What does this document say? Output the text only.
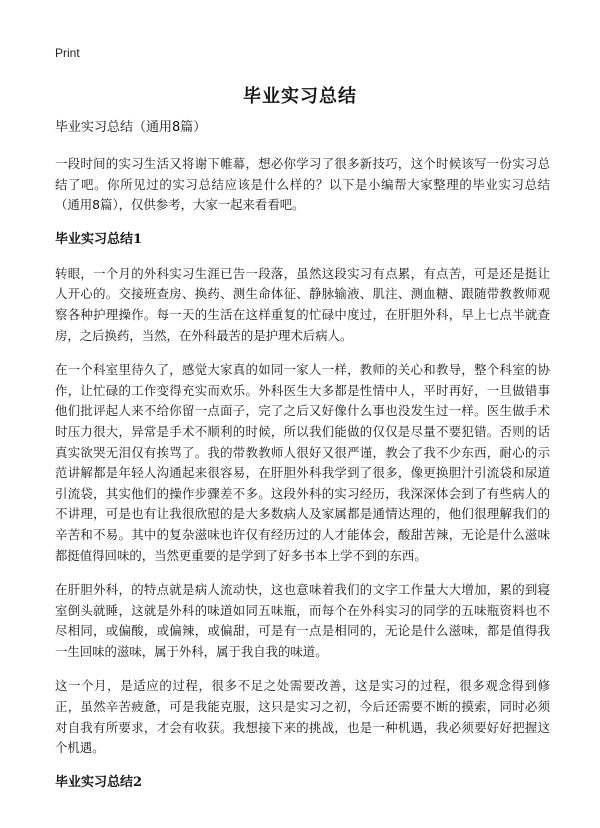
Print
毕业实习总结
毕业实习总结（通用8篇）

一段时间的实习生活又将谢下帷幕，想必你学习了很多新技巧，这个时候该写一份实习总结了吧。你所见过的实习总结应该是什么样的？以下是小编帮大家整理的毕业实习总结（通用8篇），仅供参考，大家一起来看看吧。

毕业实习总结1

转眼，一个月的外科实习生涯已告一段落，虽然这段实习有点累，有点苦，可是还是挺让人开心的。交接班查房、换药、测生命体征、静脉输液、肌注、测血糖、跟随带教教师观察各种护理操作。每一天的生活在这样重复的忙碌中度过，在肝胆外科，早上七点半就查房，之后换药，当然，在外科最苦的是护理术后病人。

在一个科室里待久了，感觉大家真的如同一家人一样，教师的关心和教导，整个科室的协作，让忙碌的工作变得充实而欢乐。外科医生大多都是性情中人，平时再好，一旦做错事他们批评起人来不给你留一点面子，完了之后又好像什么事也没发生过一样。医生做手术时压力很大，异常是手术不顺利的时候，所以我们能做的仅仅是尽量不要犯错。否则的话真实欲哭无泪仅有挨骂了。我的带教教师人很好又很严谨，教会了我不少东西，耐心的示范讲解都是年轻人沟通起来很容易，在肝胆外科我学到了很多，像更换胆汁引流袋和尿道引流袋，其实他们的操作步骤差不多。这段外科的实习经历，我深深体会到了有些病人的不讲理，可是也有让我很欣慰的是大多数病人及家属都是通情达理的，他们很理解我们的辛苦和不易。其中的复杂滋味也许仅有经历过的人才能体会，酸甜苦辣，无论是什么滋味都挺值得回味的，当然更重要的是学到了好多书本上学不到的东西。

在肝胆外科，的特点就是病人流动快，这也意味着我们的文字工作量大大增加，累的到寝室倒头就睡，这就是外科的味道如同五味瓶，而每个在外科实习的同学的五味瓶资料也不尽相同，或偏酸，或偏辣，或偏甜，可是有一点是相同的，无论是什么滋味，都是值得我一生回味的滋味，属于外科，属于我自我的味道。

这一个月，是适应的过程，很多不足之处需要改善，这是实习的过程，很多观念得到修正，虽然辛苦疲惫，可是我能克服，这只是实习之初，今后还需要不断的摸索，同时必须对自我有所要求，才会有收获。我想接下来的挑战，也是一种机遇，我必须要好好把握这个机遇。

毕业实习总结2
